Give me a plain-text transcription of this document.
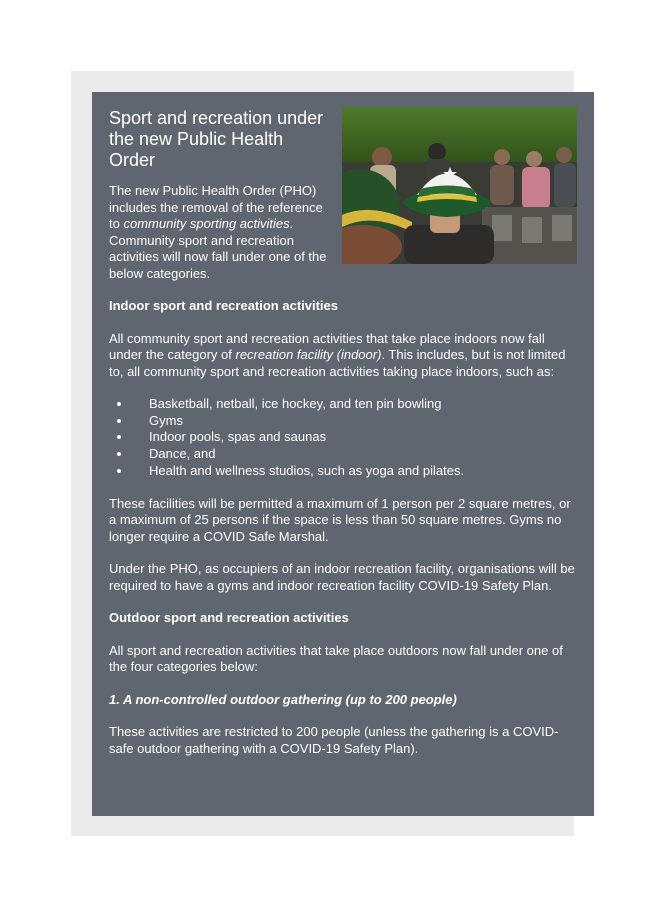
Sport and recreation under the new Public Health Order

The new Public Health Order (PHO) includes the removal of the reference to community sporting activities. Community sport and recreation activities will now fall under one of the below categories.

Indoor sport and recreation activities

All community sport and recreation activities that take place indoors now fall under the category of recreation facility (indoor). This includes, but is not limited to, all community sport and recreation activities taking place indoors, such as:

• Basketball, netball, ice hockey, and ten pin bowling
• Gyms
• Indoor pools, spas and saunas
• Dance, and
• Health and wellness studios, such as yoga and pilates.

These facilities will be permitted a maximum of 1 person per 2 square metres, or a maximum of 25 persons if the space is less than 50 square metres. Gyms no longer require a COVID Safe Marshal.

Under the PHO, as occupiers of an indoor recreation facility, organisations will be required to have a gyms and indoor recreation facility COVID-19 Safety Plan.

Outdoor sport and recreation activities

All sport and recreation activities that take place outdoors now fall under one of the four categories below:

1. A non-controlled outdoor gathering (up to 200 people)

These activities are restricted to 200 people (unless the gathering is a COVID-safe outdoor gathering with a COVID-19 Safety Plan).
